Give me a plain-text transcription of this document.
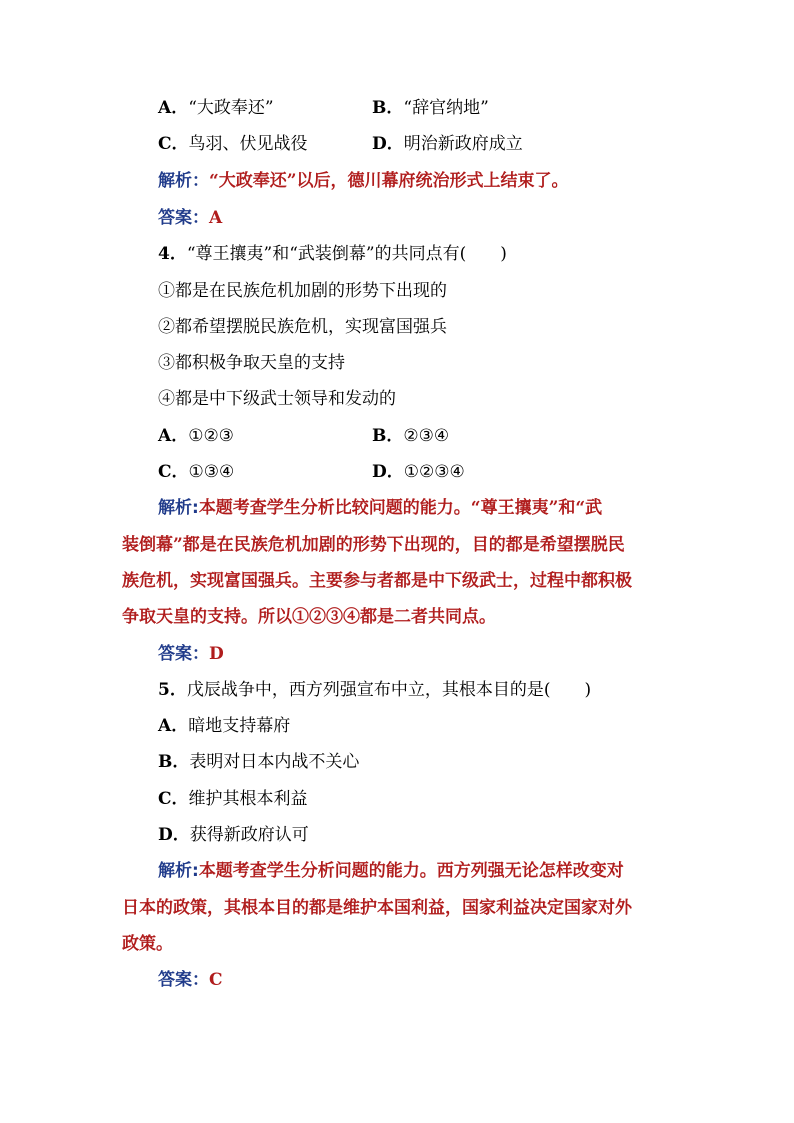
A．“大政奉还”	B．“辞官纳地”
C．鸟羽、伏见战役	D．明治新政府成立
解析：“大政奉还”以后，德川幕府统治形式上结束了。
答案：A
4．“尊王攘夷”和“武装倒幕”的共同点有(　　)
①都是在民族危机加剧的形势下出现的
②都希望摆脱民族危机，实现富国强兵
③都积极争取天皇的支持
④都是中下级武士领导和发动的
A．①②③	B．②③④
C．①③④	D．①②③④
解析:本题考查学生分析比较问题的能力。“尊王攘夷”和“武
装倒幕”都是在民族危机加剧的形势下出现的，目的都是希望摆脱民
族危机，实现富国强兵。主要参与者都是中下级武士，过程中都积极
争取天皇的支持。所以①②③④都是二者共同点。
答案：D
5．戊辰战争中，西方列强宣布中立，其根本目的是(　　)
A．暗地支持幕府
B．表明对日本内战不关心
C．维护其根本利益
D．获得新政府认可
解析:本题考查学生分析问题的能力。西方列强无论怎样改变对
日本的政策，其根本目的都是维护本国利益，国家利益决定国家对外
政策。
答案：C
